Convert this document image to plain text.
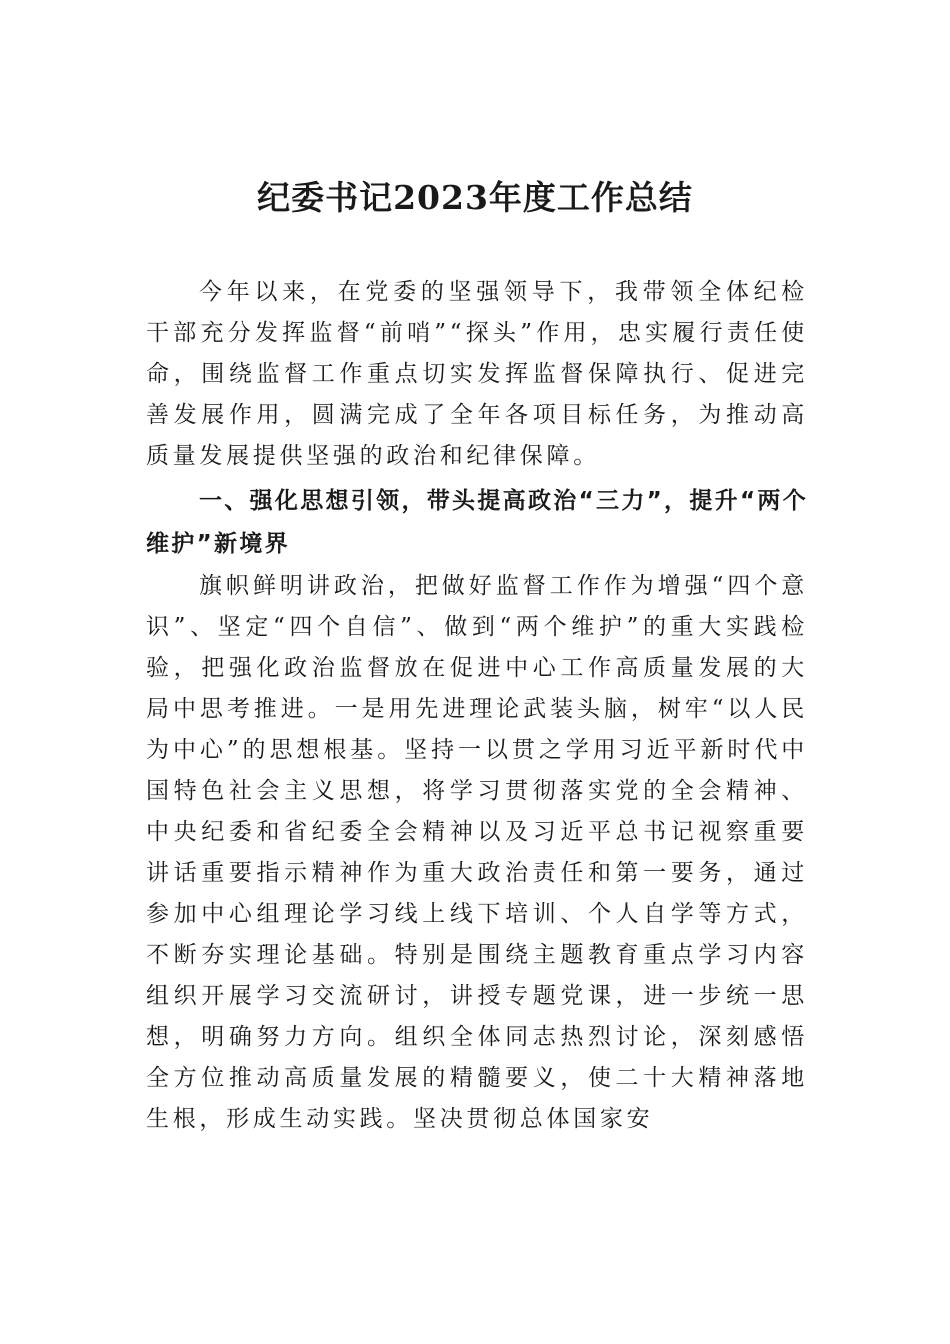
纪委书记2023年度工作总结

今年以来，在党委的坚强领导下，我带领全体纪检干部充分发挥监督“前哨”“探头”作用，忠实履行责任使命，围绕监督工作重点切实发挥监督保障执行、促进完善发展作用，圆满完成了全年各项目标任务，为推动高质量发展提供坚强的政治和纪律保障。

一、强化思想引领，带头提高政治“三力”，提升“两个维护”新境界

旗帜鲜明讲政治，把做好监督工作作为增强“四个意识”、坚定“四个自信”、做到“两个维护”的重大实践检验，把强化政治监督放在促进中心工作高质量发展的大局中思考推进。一是用先进理论武装头脑，树牢“以人民为中心”的思想根基。坚持一以贯之学用习近平新时代中国特色社会主义思想，将学习贯彻落实党的全会精神、中央纪委和省纪委全会精神以及习近平总书记视察重要讲话重要指示精神作为重大政治责任和第一要务，通过参加中心组理论学习线上线下培训、个人自学等方式，不断夯实理论基础。特别是围绕主题教育重点学习内容组织开展学习交流研讨，讲授专题党课，进一步统一思想，明确努力方向。组织全体同志热烈讨论，深刻感悟全方位推动高质量发展的精髓要义，使二十大精神落地生根，形成生动实践。坚决贯彻总体国家安
